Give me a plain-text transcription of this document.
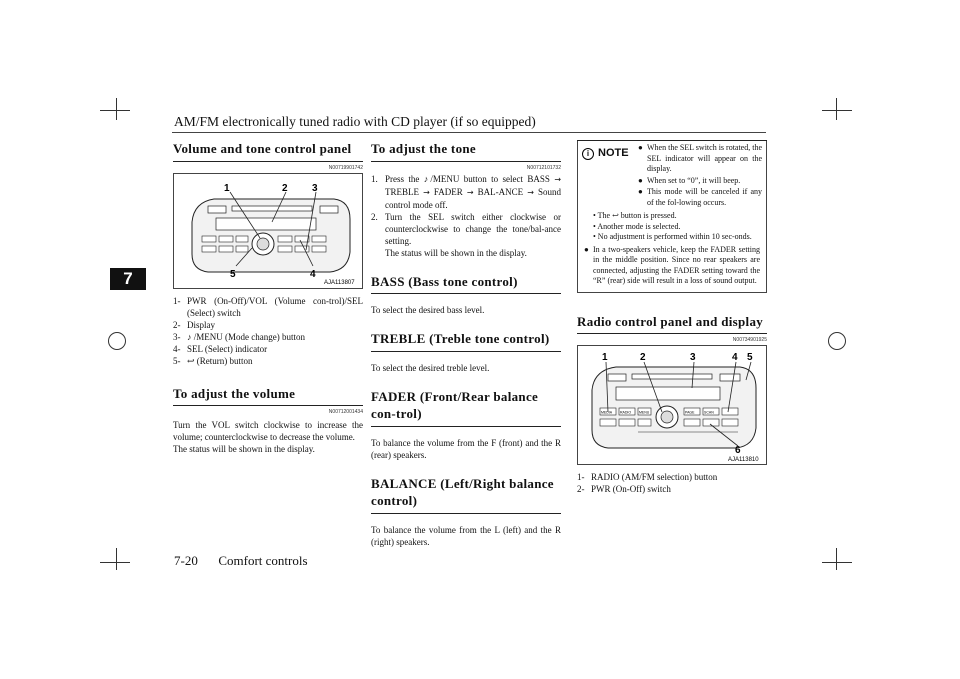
AM/FM electronically tuned radio with CD player (if so equipped)
7
Volume and tone control panel
N00719901742
1	2 3
4
5
AJA113807
1- PWR (On-Off)/VOL (Volume con-trol)/SEL (Select) switch
2- Display
3- ♪ /MENU (Mode change) button
4- SEL (Select) indicator
5- ↩ (Return) button
To adjust the volume
N00712001434

Turn the VOL switch clockwise to increase the volume; counterclockwise to decrease the volume.

The status will be shown in the display.

To adjust the tone
N00712101732
1. Press the ♪/MENU button to select BASS → TREBLE → FADER → BAL-ANCE → Sound control mode off.
2. Turn the SEL switch either clockwise or counterclockwise to change the tone/bal-ance setting.
The status will be shown in the display.
BASS (Bass tone control)

To select the desired bass level.

TREBLE (Treble tone control)

To select the desired treble level.

FADER (Front/Rear balance con-trol)

To balance the volume from the F (front) and the R (rear) speakers.

BALANCE (Left/Right balance control)

To balance the volume from the L (left) and the R (right) speakers.

i NOTE	● When the SEL switch is rotated, the SEL indicator will appear on the display.
● When set to “0”, it will beep.
● This mode will be canceled if any of the fol-lowing occurs.
• The ↩ button is pressed.
• Another mode is selected.
• No adjustment is performed within 10 sec-onds.
● In a two-speakers vehicle, keep the FADER setting in the middle position. Since no rear speakers are connected, adjusting the FADER setting toward the “R” (rear) side will result in a loss of sound output.
Radio control panel and display
N00734901925
MEDIA RADIO MENU	PAGE	SCAN
1	2	3	4 5
6
AJA113810
1- RADIO (AM/FM selection) button
2- PWR (On-Off) switch
7-20 Comfort controls
